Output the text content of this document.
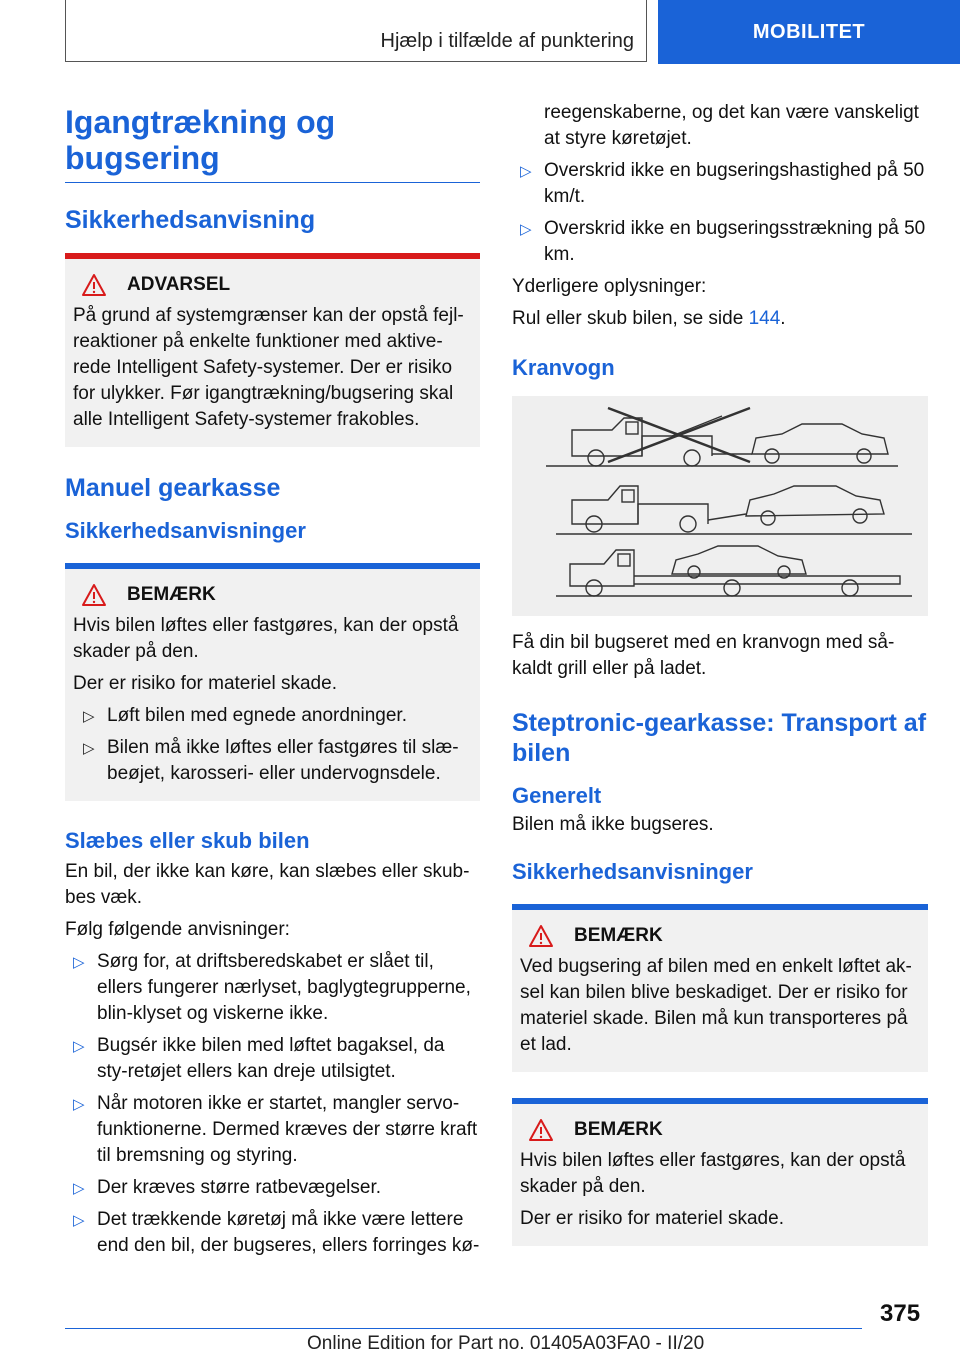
Hjælp i tilfælde af punktering	MOBILITET
Igangtrækning og bugsering
Sikkerhedsanvisning
ADVARSEL
På grund af systemgrænser kan der opstå fejl-reaktioner på enkelte funktioner med aktive-rede Intelligent Safety-systemer. Der er risiko for ulykker. Før igangtrækning/bugsering skal alle Intelligent Safety-systemer frakobles.
Manuel gearkasse
Sikkerhedsanvisninger
BEMÆRK
Hvis bilen løftes eller fastgøres, kan der opstå skader på den.
Der er risiko for materiel skade.
▷ Løft bilen med egnede anordninger.
▷ Bilen må ikke løftes eller fastgøres til slæ-beøjet, karosseri- eller undervognsdele.
Slæbes eller skub bilen
En bil, der ikke kan køre, kan slæbes eller skub-bes væk.
Følg følgende anvisninger:
▷ Sørg for, at driftsberedskabet er slået til, ellers fungerer nærlyset, baglygtegrupperne, blin-klyset og viskerne ikke.
▷ Bugsér ikke bilen med løftet bagaksel, da sty-retøjet ellers kan dreje utilsigtet.
▷ Når motoren ikke er startet, mangler servo-funktionerne. Dermed kræves der større kraft til bremsning og styring.
▷ Der kræves større ratbevægelser.
▷ Det trækkende køretøj må ikke være lettere end den bil, der bugseres, ellers forringes kø-
reegenskaberne, og det kan være vanskeligt at styre køretøjet.
▷ Overskrid ikke en bugseringshastighed på 50 km/t.
▷ Overskrid ikke en bugseringsstrækning på 50 km.
Yderligere oplysninger:
Rul eller skub bilen, se side 144.
Kranvogn
Få din bil bugseret med en kranvogn med så-kaldt grill eller på ladet.
Steptronic-gearkasse: Transport af bilen
Generelt
Bilen må ikke bugseres.
Sikkerhedsanvisninger
BEMÆRK
Ved bugsering af bilen med en enkelt løftet ak-sel kan bilen blive beskadiget. Der er risiko for materiel skade. Bilen må kun transporteres på et lad.
BEMÆRK
Hvis bilen løftes eller fastgøres, kan der opstå skader på den.
Der er risiko for materiel skade.
375
Online Edition for Part no. 01405A03FA0 - II/20
